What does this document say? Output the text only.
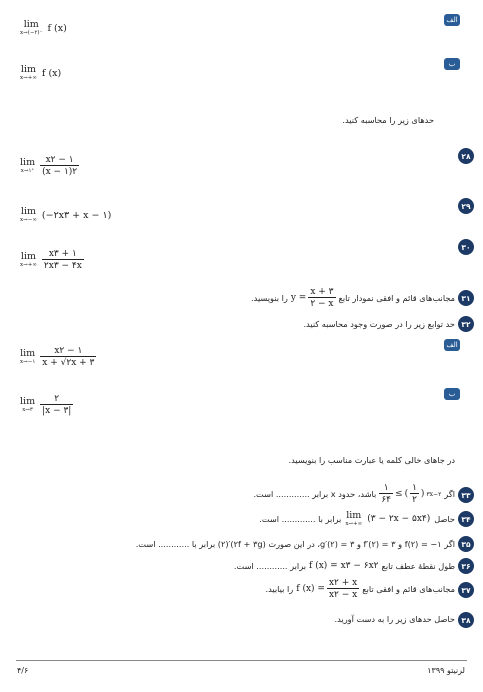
الف
lim
x→(−۲)⁻ f (x)
ب
lim
x→+∞ f (x)
حدهای زیر را محاسبه کنید.
۲۸
lim
x→۱⁺ $\frac{x۲ - ۱}{(x - ۱)۲}$
۲۹
lim
x→−∞ (−۲x۳ + x − ۱)
۳۰
lim
$x\to+\infty \frac{x۳ + ۱}{۲x۳ - ۴x}$
۳۱
مجانب‌های قائم و افقی نمودار تابع
$y = \frac{x + ۳}{۲ - x}$
را بنویسید.
۳۲
حد توابع زیر را در صورت وجود محاسبه کنید.
الف
lim
x→−۱ $\frac{x۲ - ۱}{x + √۲x + ۳}$
ب
lim
x→۳ $\frac{۲}{|x - ۳|}$
در جاهای خالی کلمه یا عبارت مناسب را بنویسید.
۳۳
اگر
$\frac{۱}{۶۴}$ ≤ ( $\frac{۱}{۲}$ ) ۳x−۲
باشد، حدود x برابر ............. است.
۳۴
حاصل
lim
x→+∞ (۳ − ۲x − ۵x۴)
برابر با ............. است.
۳۵
اگر f(۲) = −۱ و f′(۲) = ۳ و g′(۲) = ۳، در این صورت (۲f + ۳g)′(۲) برابر با ............ است.
۳۶
طول نقطهٔ عطف تابع
f (x) = x۳ − ۶x۲
برابر ............ است.
۳۷
مجانب‌های قائم و افقی تابع
f $(x) = \frac{x۲ + x}{x۲ - x}$
را بیابید.
۳۸
حاصل حدهای زیر را به دست آورید.
۴/۶	لرنیتو ۱۳۹۹
